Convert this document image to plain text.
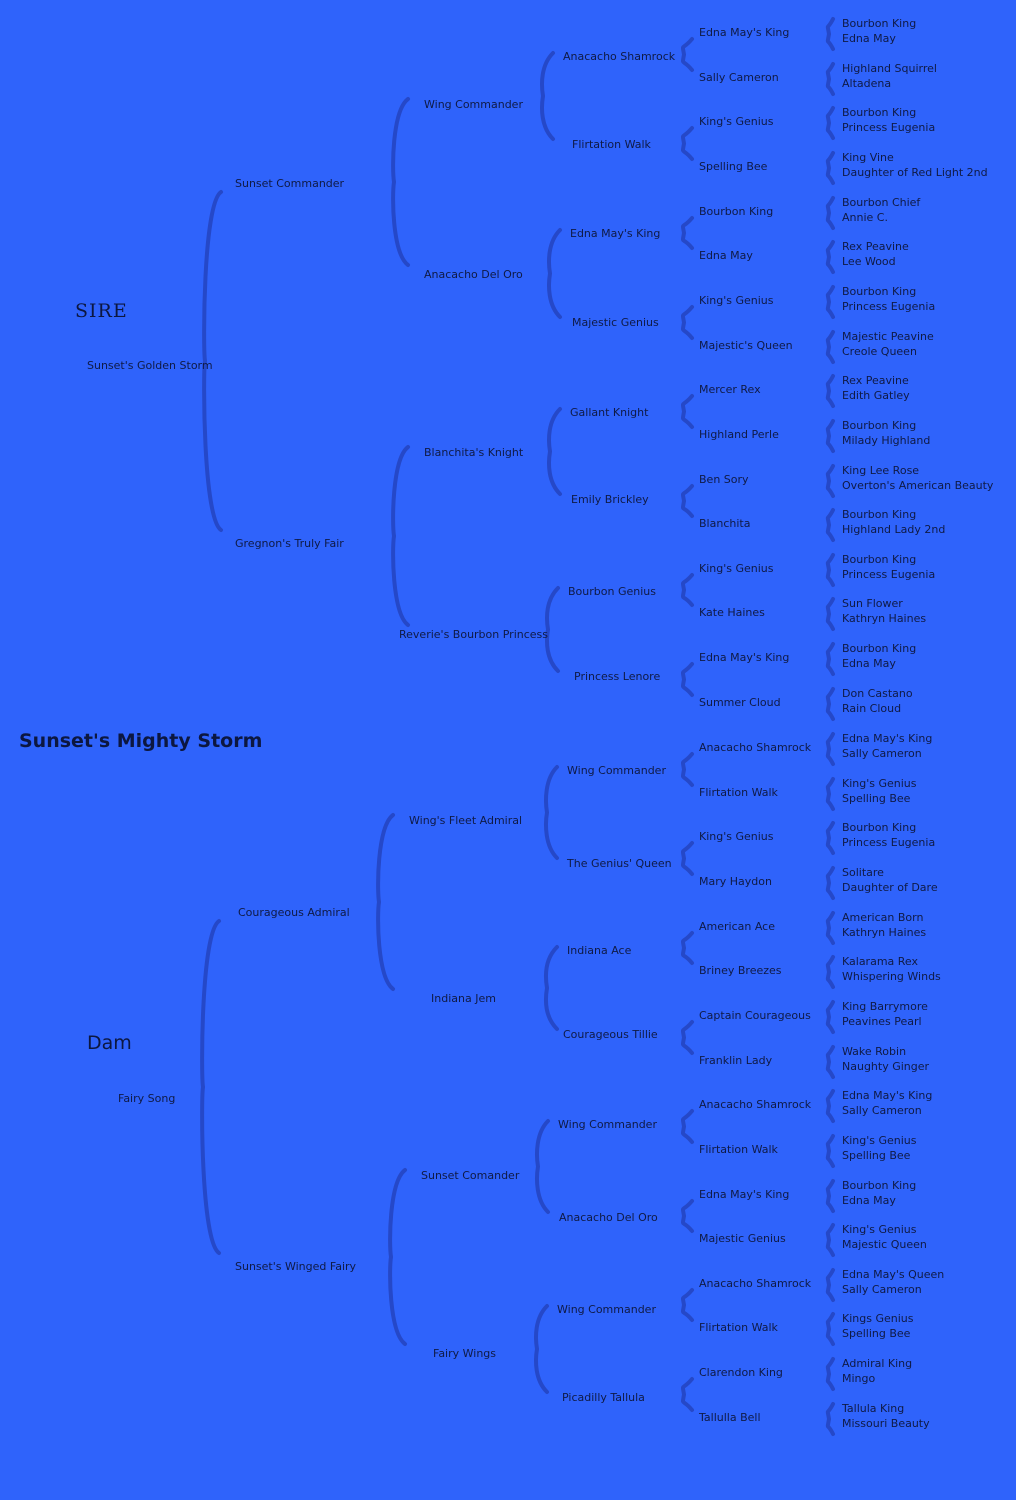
Sunset's Mighty Storm
SIRE
Dam
Sunset's Golden Storm
Fairy Song
Sunset Commander
Gregnon's Truly Fair
Courageous Admiral
Sunset's Winged Fairy
Wing Commander
Anacacho Del Oro
Blanchita's Knight
Reverie's Bourbon Princess
Wing's Fleet Admiral
Indiana Jem
Sunset Comander
Fairy Wings
Anacacho Shamrock
Flirtation Walk
Edna May's King
Majestic Genius
Gallant Knight
Emily Brickley
Bourbon Genius
Princess Lenore
Wing Commander
The Genius' Queen
Indiana Ace
Courageous Tillie
Wing Commander
Anacacho Del Oro
Wing Commander
Picadilly Tallula
Edna May's King
Sally Cameron
King's Genius
Spelling Bee
Bourbon King
Edna May
King's Genius
Majestic's Queen
Mercer Rex
Highland Perle
Ben Sory
Blanchita
King's Genius
Kate Haines
Edna May's King
Summer Cloud
Anacacho Shamrock
Flirtation Walk
King's Genius
Mary Haydon
American Ace
Briney Breezes
Captain Courageous
Franklin Lady
Anacacho Shamrock
Flirtation Walk
Edna May's King
Majestic Genius
Anacacho Shamrock
Flirtation Walk
Clarendon King
Tallulla Bell
Bourbon King
Edna May
Highland Squirrel
Altadena
Bourbon King
Princess Eugenia
King Vine
Daughter of Red Light 2nd
Bourbon Chief
Annie C.
Rex Peavine
Lee Wood
Bourbon King
Princess Eugenia
Majestic Peavine
Creole Queen
Rex Peavine
Edith Gatley
Bourbon King
Milady Highland
King Lee Rose
Overton's American Beauty
Bourbon King
Highland Lady 2nd
Bourbon King
Princess Eugenia
Sun Flower
Kathryn Haines
Bourbon King
Edna May
Don Castano
Rain Cloud
Edna May's King
Sally Cameron
King's Genius
Spelling Bee
Bourbon King
Princess Eugenia
Solitare
Daughter of Dare
American Born
Kathryn Haines
Kalarama Rex
Whispering Winds
King Barrymore
Peavines Pearl
Wake Robin
Naughty Ginger
Edna May's King
Sally Cameron
King's Genius
Spelling Bee
Bourbon King
Edna May
King's Genius
Majestic Queen
Edna May's Queen
Sally Cameron
Kings Genius
Spelling Bee
Admiral King
Mingo
Tallula King
Missouri Beauty
